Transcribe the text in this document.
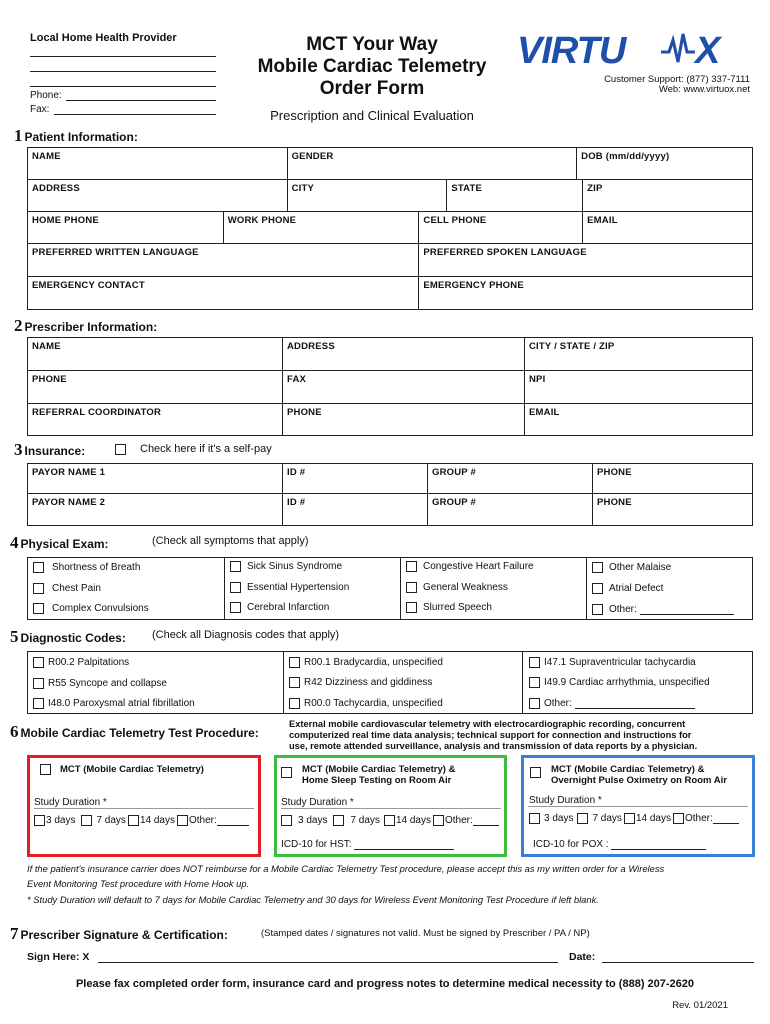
Local Home Health Provider
Phone:
Fax:
MCT Your Way
Mobile Cardiac Telemetry
Order Form
Prescription and Clinical Evaluation
VIRTU X
Customer Support: (877) 337-7111
Web: www.virtuox.net
1 Patient Information:
NAME			GENDER			DOB (mm/dd/yyyy)	
ADDRESS			CITY		STATE		ZIP
HOME PHONE		WORK PHONE		CELL PHONE			EMAIL
PREFERRED WRITTEN LANGUAGE				PREFERRED SPOKEN LANGUAGE			
EMERGENCY CONTACT				EMERGENCY PHONE			

2 Prescriber Information:
NAME	ADDRESS	CITY / STATE / ZIP
PHONE	FAX	NPI
REFERRAL COORDINATOR	PHONE	EMAIL
3 Insurance:	Check here if it's a self-pay
PAYOR NAME 1	ID #	GROUP #	PHONE
PAYOR NAME 2	ID #	GROUP #	PHONE
4 Physical Exam:	(Check all symptoms that apply)
Shortness of Breath	Sick Sinus Syndrome	Congestive Heart Failure	Other Malaise
Chest Pain	Essential Hypertension	General Weakness	Atrial Defect
Complex Convulsions	Cerebral Infarction	Slurred Speech	Other:
5 Diagnostic Codes: (Check all Diagnosis codes that apply)
R00.2 Palpitations	R00.1 Bradycardia, unspecified	I47.1 Supraventricular tachycardia
R55 Syncope and collapse	R42 Dizziness and giddiness	I49.9 Cardiac arrhythmia, unspecified
I48.0 Paroxysmal atrial fibrillation	R00.0 Tachycardia, unspecified	Other:
6 Mobile Cardiac Telemetry Test Procedure:
External mobile cardiovascular telemetry with electrocardiographic recording, concurrent
computerized real time data analysis; technical support for connection and instructions for
use, remote attended surveillance, analysis and transmission of data reports by a physician.
MCT (Mobile Cardiac Telemetry)
Study Duration *
3 days 7 days 14 days Other:
MCT (Mobile Cardiac Telemetry) &
Home Sleep Testing on Room Air
Study Duration *
3 days 7 days 14 days Other:
ICD-10 for HST:
MCT (Mobile Cardiac Telemetry) &
Overnight Pulse Oximetry on Room Air
Study Duration *
3 days 7 days 14 days Other:
ICD-10 for POX :
If the patient's insurance carrier does NOT reimburse for a Mobile Cardiac Telemetry Test procedure, please accept this as my written order for a Wireless
Event Monitoring Test procedure with Home Hook up.
* Study Duration will default to 7 days for Mobile Cardiac Telemetry and 30 days for Wireless Event Monitoring Test Procedure if left blank.
7 Prescriber Signature & Certification:	(Stamped dates / signatures not valid. Must be signed by Prescriber / PA / NP)
Sign Here: X	Date:
Please fax completed order form, insurance card and progress notes to determine medical necessity to (888) 207-2620
Rev. 01/2021
